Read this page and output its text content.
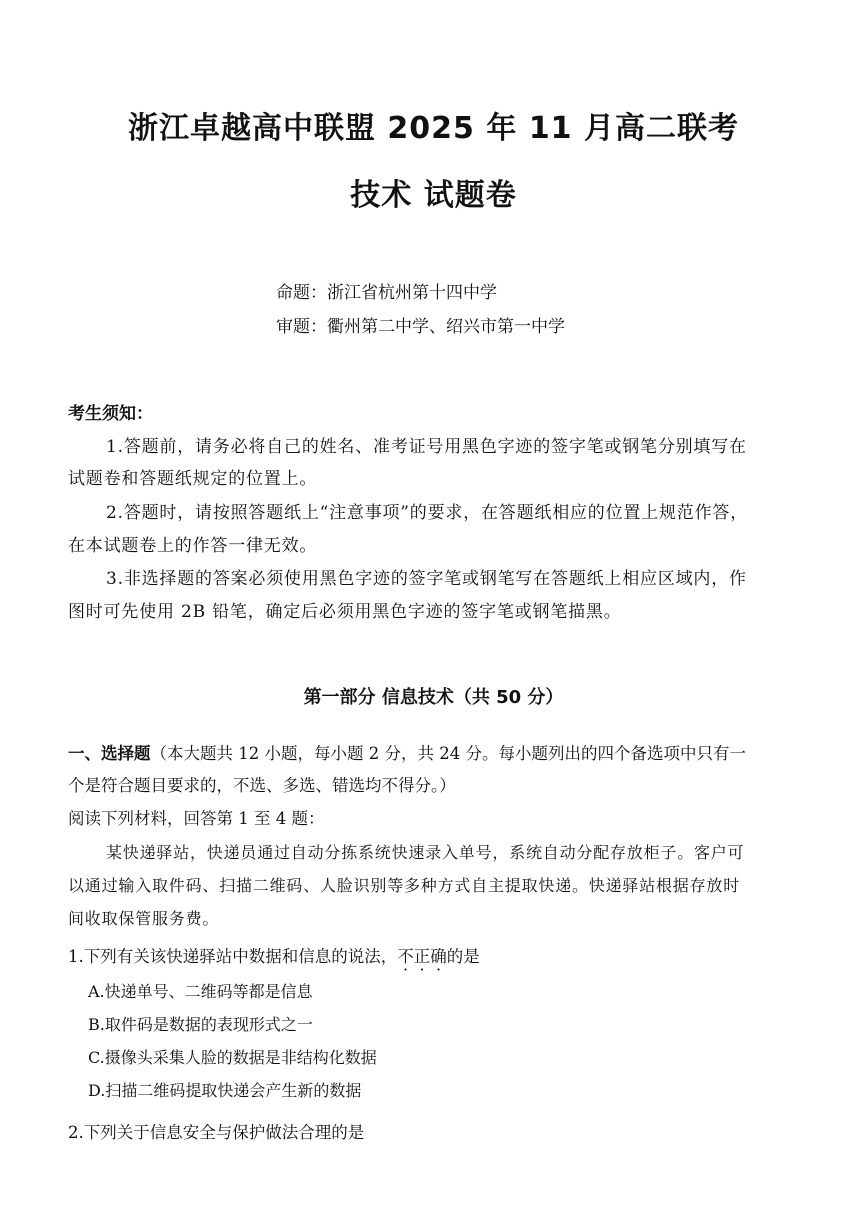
浙江卓越高中联盟 2025 年 11 月高二联考
技术 试题卷
命题：浙江省杭州第十四中学
审题：衢州第二中学、绍兴市第一中学
考生须知：
1.答题前，请务必将自己的姓名、准考证号用黑色字迹的签字笔或钢笔分别填写在
试题卷和答题纸规定的位置上。
2.答题时，请按照答题纸上“注意事项”的要求，在答题纸相应的位置上规范作答，
在本试题卷上的作答一律无效。
3.非选择题的答案必须使用黑色字迹的签字笔或钢笔写在答题纸上相应区域内，作
图时可先使用 2B 铅笔，确定后必须用黑色字迹的签字笔或钢笔描黑。
第一部分 信息技术（共 50 分）
一、选择题（本大题共 12 小题，每小题 2 分，共 24 分。每小题列出的四个备选项中只有一
个是符合题目要求的，不选、多选、错选均不得分。）
阅读下列材料，回答第 1 至 4 题：
某快递驿站，快递员通过自动分拣系统快速录入单号，系统自动分配存放柜子。客户可
以通过输入取件码、扫描二维码、人脸识别等多种方式自主提取快递。快递驿站根据存放时
间收取保管服务费。
1.下列有关该快递驿站中数据和信息的说法，不正确的是
A.快递单号、二维码等都是信息
B.取件码是数据的表现形式之一
C.摄像头采集人脸的数据是非结构化数据
D.扫描二维码提取快递会产生新的数据
2.下列关于信息安全与保护做法合理的是
